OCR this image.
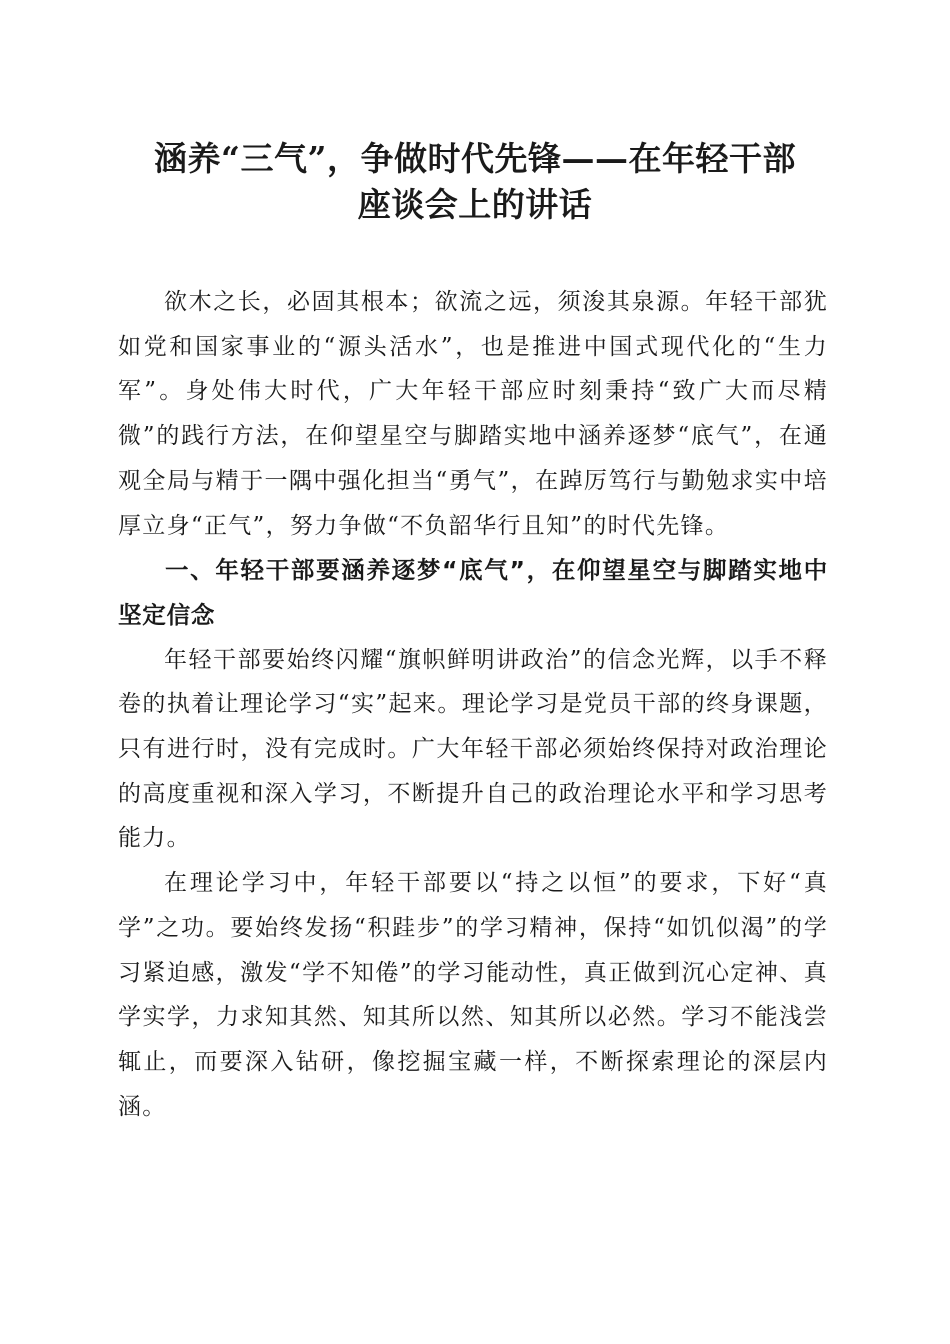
涵养“三气”，争做时代先锋——在年轻干部
座谈会上的讲话

欲木之长，必固其根本；欲流之远，须浚其泉源。年轻干部犹如党和国家事业的“源头活水”，也是推进中国式现代化的“生力军”。身处伟大时代，广大年轻干部应时刻秉持“致广大而尽精微”的践行方法，在仰望星空与脚踏实地中涵养逐梦“底气”，在通观全局与精于一隅中强化担当“勇气”，在踔厉笃行与勤勉求实中培厚立身“正气”，努力争做“不负韶华行且知”的时代先锋。

一、年轻干部要涵养逐梦“底气”，在仰望星空与脚踏实地中坚定信念

年轻干部要始终闪耀“旗帜鲜明讲政治”的信念光辉，以手不释卷的执着让理论学习“实”起来。理论学习是党员干部的终身课题，只有进行时，没有完成时。广大年轻干部必须始终保持对政治理论的高度重视和深入学习，不断提升自己的政治理论水平和学习思考能力。

在理论学习中，年轻干部要以“持之以恒”的要求，下好“真学”之功。要始终发扬“积跬步”的学习精神，保持“如饥似渴”的学习紧迫感，激发“学不知倦”的学习能动性，真正做到沉心定神、真学实学，力求知其然、知其所以然、知其所以必然。学习不能浅尝辄止，而要深入钻研，像挖掘宝藏一样，不断探索理论的深层内涵。
